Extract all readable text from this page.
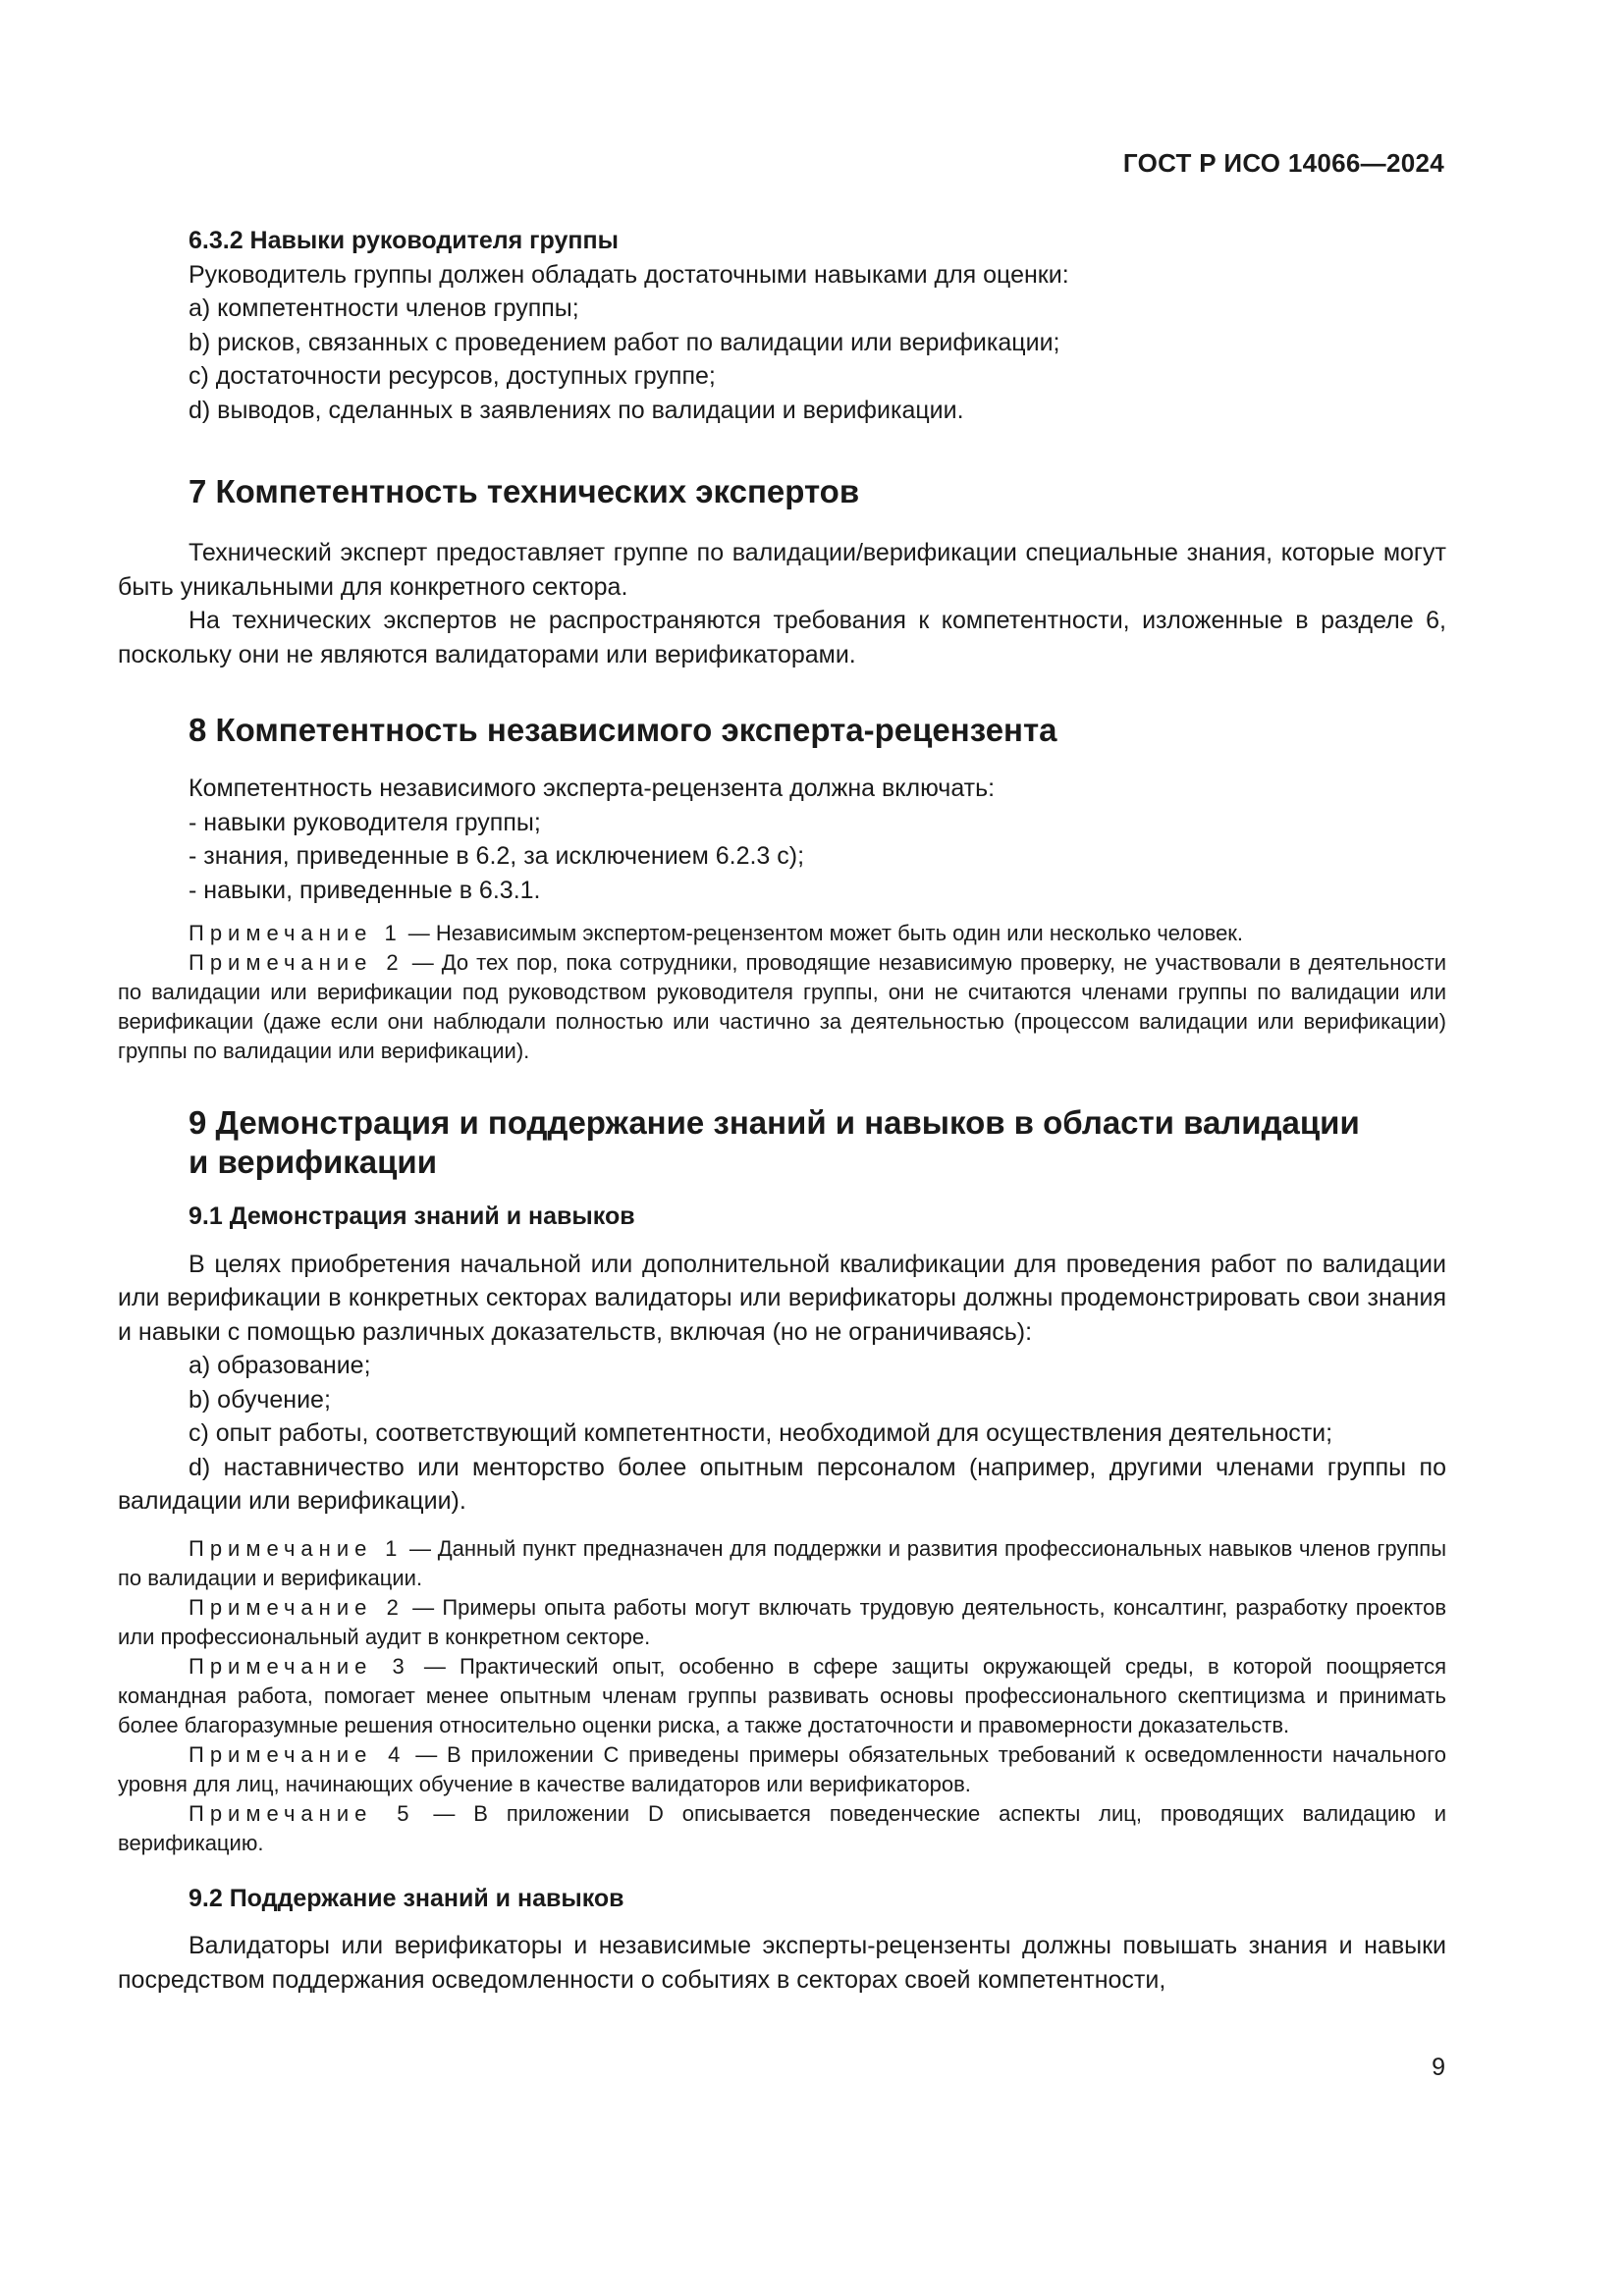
ГОСТ Р ИСО 14066—2024

6.3.2 Навыки руководителя группы

Руководитель группы должен обладать достаточными навыками для оценки:

а) компетентности членов группы;

b) рисков, связанных с проведением работ по валидации или верификации;

с) достаточности ресурсов, доступных группе;

d) выводов, сделанных в заявлениях по валидации и верификации.

7 Компетентность технических экспертов

Технический эксперт предоставляет группе по валидации/верификации специальные знания, которые могут быть уникальными для конкретного сектора.

На технических экспертов не распространяются требования к компетентности, изложенные в разделе 6, поскольку они не являются валидаторами или верификаторами.

8 Компетентность независимого эксперта-рецензента

Компетентность независимого эксперта-рецензента должна включать:

- навыки руководителя группы;

- знания, приведенные в 6.2, за исключением 6.2.3 с);

- навыки, приведенные в 6.3.1.

Примечание 1 — Независимым экспертом-рецензентом может быть один или несколько человек.

Примечание 2 — До тех пор, пока сотрудники, проводящие независимую проверку, не участвовали в деятельности по валидации или верификации под руководством руководителя группы, они не считаются членами группы по валидации или верификации (даже если они наблюдали полностью или частично за деятельностью (процессом валидации или верификации) группы по валидации или верификации).

9 Демонстрация и поддержание знаний и навыков в области валидации
и верификации

9.1 Демонстрация знаний и навыков

В целях приобретения начальной или дополнительной квалификации для проведения работ по валидации или верификации в конкретных секторах валидаторы или верификаторы должны продемонстрировать свои знания и навыки с помощью различных доказательств, включая (но не ограничиваясь):

а) образование;

b) обучение;

с) опыт работы, соответствующий компетентности, необходимой для осуществления деятельности;

d) наставничество или менторство более опытным персоналом (например, другими членами группы по валидации или верификации).

Примечание 1 — Данный пункт предназначен для поддержки и развития профессиональных навыков членов группы по валидации и верификации.

Примечание 2 — Примеры опыта работы могут включать трудовую деятельность, консалтинг, разработку проектов или профессиональный аудит в конкретном секторе.

Примечание 3 — Практический опыт, особенно в сфере защиты окружающей среды, в которой поощряется командная работа, помогает менее опытным членам группы развивать основы профессионального скептицизма и принимать более благоразумные решения относительно оценки риска, а также достаточности и правомерности доказательств.

Примечание 4 — В приложении С приведены примеры обязательных требований к осведомленности начального уровня для лиц, начинающих обучение в качестве валидаторов или верификаторов.

Примечание 5 — В приложении D описывается поведенческие аспекты лиц, проводящих валидацию и верификацию.

9.2 Поддержание знаний и навыков

Валидаторы или верификаторы и независимые эксперты-рецензенты должны повышать знания и навыки посредством поддержания осведомленности о событиях в секторах своей компетентности,

9
